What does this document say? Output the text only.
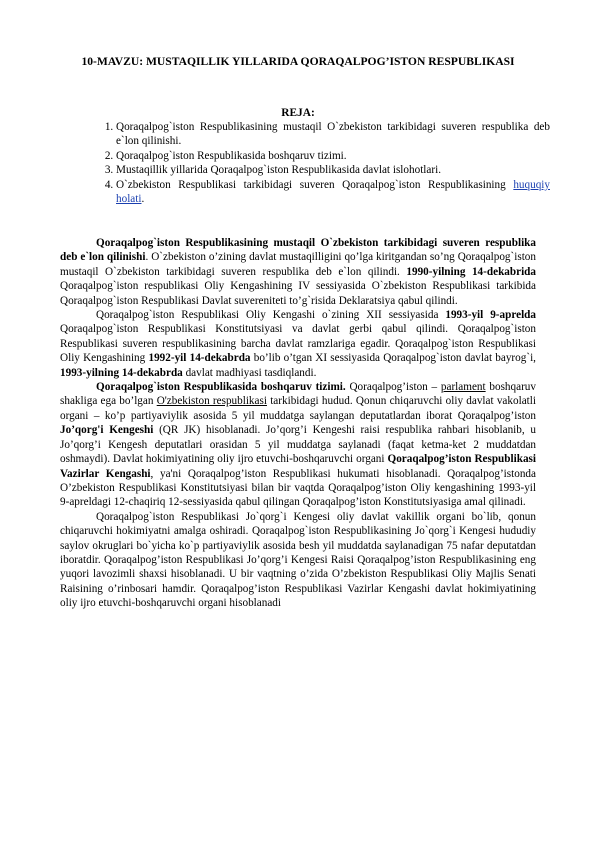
10-MAVZU: MUSTAQILLIK YILLARIDA QORAQALPOG’ISTON RESPUBLIKASI
REJA:
1. Qoraqalpog`iston Respublikasining mustaqil O`zbekiston tarkibidagi suveren respublika deb e`lon qilinishi.
2. Qoraqalpog`iston Respublikasida boshqaruv tizimi.
3. Mustaqillik yillarida Qoraqalpog`iston Respublikasida davlat islohotlari.
4. O`zbekiston Respublikasi tarkibidagi suveren Qoraqalpog`iston Respublikasining huquqiy holati.

Qoraqalpog`iston Respublikasining mustaqil O`zbekiston tarkibidagi suveren respublika deb e`lon qilinishi. O`zbekiston o’zining davlat mustaqilligini qo’lga kiritgandan so’ng Qoraqalpog`iston mustaqil O`zbekiston tarkibidagi suveren respublika deb e`lon qilindi. 1990-yilning 14-dekabrida Qoraqalpog`iston respublikasi Oliy Kengashining IV sessiyasida O`zbekiston Respublikasi tarkibida Qoraqalpog`iston Respublikasi Davlat suvereniteti to’g`risida Deklaratsiya qabul qilindi.

Qoraqalpog`iston Respublikasi Oliy Kengashi o`zining XII sessiyasida 1993-yil 9-aprelda Qoraqalpog`iston Respublikasi Konstitutsiyasi va davlat gerbi qabul qilindi. Qoraqalpog`iston Respublikasi suveren respublikasining barcha davlat ramzlariga egadir. Qoraqalpog`iston Respublikasi Oliy Kengashining 1992-yil 14-dekabrda bo’lib o’tgan XI sessiyasida Qoraqalpog`iston davlat bayrog`i, 1993-yilning 14-dekabrda davlat madhiyasi tasdiqlandi.

Qoraqalpog`iston Respublikasida boshqaruv tizimi. Qoraqalpog’iston – parlament boshqaruv shakliga ega bo’lgan O'zbekiston respublikasi tarkibidagi hudud. Qonun chiqaruvchi oliy davlat vakolatli organi – ko’p partiyaviylik asosida 5 yil muddatga saylangan deputatlardan iborat Qoraqalpog’iston Jo’qorg'i Kengeshi (QR JK) hisoblanadi. Jo’qorg’i Kengeshi raisi respublika rahbari hisoblanib, u Jo’qorg’i Kengesh deputatlari orasidan 5 yil muddatga saylanadi (faqat ketma-ket 2 muddatdan oshmaydi). Davlat hokimiyatining oliy ijro etuvchi-boshqaruvchi organi Qoraqalpog’iston Respublikasi Vazirlar Kengashi, ya'ni Qoraqalpog’iston Respublikasi hukumati hisoblanadi. Qoraqalpog’istonda O’zbekiston Respublikasi Konstitutsiyasi bilan bir vaqtda Qoraqalpog’iston Oliy kengashining 1993-yil 9-apreldagi 12-chaqiriq 12-sessiyasida qabul qilingan Qoraqalpog’iston Konstitutsiyasiga amal qilinadi.

Qoraqalpog`iston Respublikasi Jo`qorg`i Kengesi oliy davlat vakillik organi bo`lib, qonun chiqaruvchi hokimiyatni amalga oshiradi. Qoraqalpog`iston Respublikasining Jo`qorg`i Kengesi hududiy saylov okruglari bo`yicha ko`p partiyaviylik asosida besh yil muddatda saylanadigan 75 nafar deputatdan iboratdir. Qoraqalpog’iston Respublikasi Jo’qorg’i Kengesi Raisi Qoraqalpog’iston Respublikasining eng yuqori lavozimli shaxsi hisoblanadi. U bir vaqtning o’zida O’zbekiston Respublikasi Oliy Majlis Senati Raisining o’rinbosari hamdir. Qoraqalpog’iston Respublikasi Vazirlar Kengashi davlat hokimiyatining oliy ijro etuvchi-boshqaruvchi organi hisoblanadi
